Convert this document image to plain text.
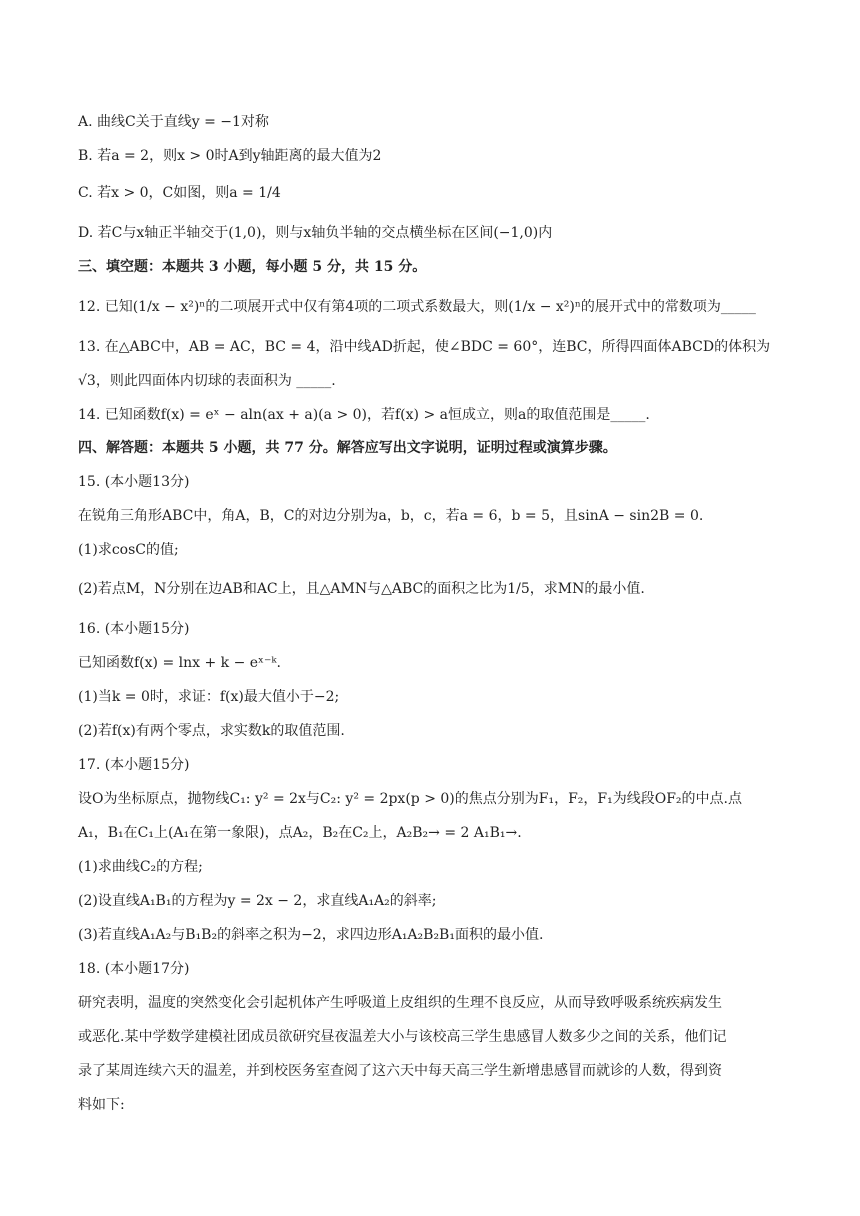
A. 曲线C关于直线y = −1对称
B. 若a = 2，则x > 0时A到y轴距离的最大值为2
C. 若x > 0，C如图，则a = 1/4
D. 若C与x轴正半轴交于(1,0)，则与x轴负半轴的交点横坐标在区间(−1,0)内
三、填空题：本题共 3 小题，每小题 5 分，共 15 分。
12. 已知(1/x − x²)ⁿ的二项展开式中仅有第4项的二项式系数最大，则(1/x − x²)ⁿ的展开式中的常数项为_____
13. 在△ABC中，AB = AC，BC = 4，沿中线AD折起，使∠BDC = 60°，连BC，所得四面体ABCD的体积为
√3，则此四面体内切球的表面积为 _____.
14. 已知函数f(x) = eˣ − aln(ax + a)(a > 0)，若f(x) > a恒成立，则a的取值范围是_____.
四、解答题：本题共 5 小题，共 77 分。解答应写出文字说明，证明过程或演算步骤。
15. (本小题13分)
在锐角三角形ABC中，角A，B，C的对边分别为a，b，c，若a = 6，b = 5，且sinA − sin2B = 0.
(1)求cosC的值;
(2)若点M，N分别在边AB和AC上，且△AMN与△ABC的面积之比为1/5，求MN的最小值.
16. (本小题15分)
已知函数f(x) = lnx + k − eˣ⁻ᵏ.
(1)当k = 0时，求证：f(x)最大值小于−2;
(2)若f(x)有两个零点，求实数k的取值范围.
17. (本小题15分)
设O为坐标原点，抛物线C₁: y² = 2x与C₂: y² = 2px(p > 0)的焦点分别为F₁，F₂，F₁为线段OF₂的中点.点
A₁，B₁在C₁上(A₁在第一象限)，点A₂，B₂在C₂上，A₂B₂→ = 2 A₁B₁→.
(1)求曲线C₂的方程;
(2)设直线A₁B₁的方程为y = 2x − 2，求直线A₁A₂的斜率;
(3)若直线A₁A₂与B₁B₂的斜率之积为−2，求四边形A₁A₂B₂B₁面积的最小值.
18. (本小题17分)
研究表明，温度的突然变化会引起机体产生呼吸道上皮组织的生理不良反应，从而导致呼吸系统疾病发生
或恶化.某中学数学建模社团成员欲研究昼夜温差大小与该校高三学生患感冒人数多少之间的关系，他们记
录了某周连续六天的温差，并到校医务室查阅了这六天中每天高三学生新增患感冒而就诊的人数，得到资
料如下:
